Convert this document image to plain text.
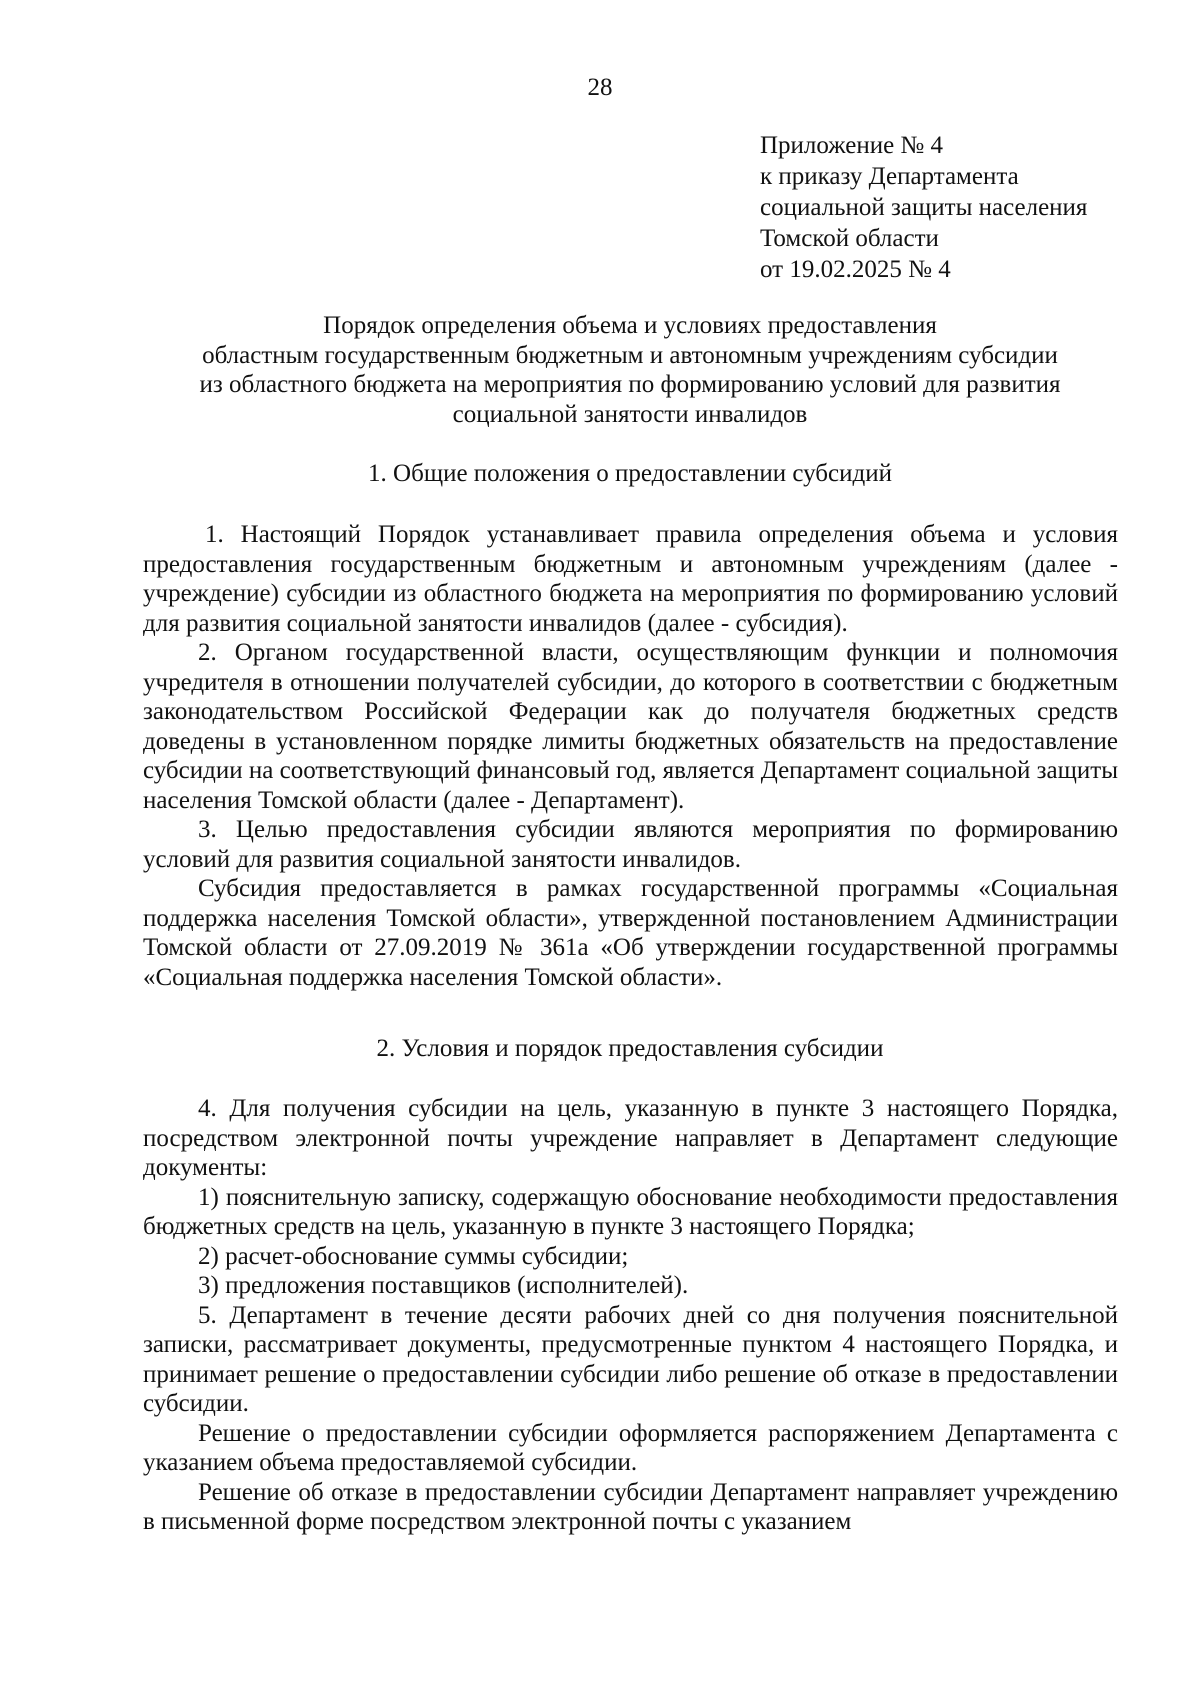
28
Приложение № 4
к приказу Департамента
социальной защиты населения
Томской области
от 19.02.2025 № 4
Порядок определения объема и условиях предоставления
областным государственным бюджетным и автономным учреждениям субсидии
из областного бюджета на мероприятия по формированию условий для развития
социальной занятости инвалидов
1. Общие положения о предоставлении субсидий

1. Настоящий Порядок устанавливает правила определения объема и условия предоставления государственным бюджетным и автономным учреждениям (далее - учреждение) субсидии из областного бюджета на мероприятия по формированию условий для развития социальной занятости инвалидов (далее - субсидия).

2. Органом государственной власти, осуществляющим функции и полномочия учредителя в отношении получателей субсидии, до которого в соответствии с бюджетным законодательством Российской Федерации как до получателя бюджетных средств доведены в установленном порядке лимиты бюджетных обязательств на предоставление субсидии на соответствующий финансовый год, является Департамент социальной защиты населения Томской области (далее - Департамент).

3. Целью предоставления субсидии являются мероприятия по формированию условий для развития социальной занятости инвалидов.

Субсидия предоставляется в рамках государственной программы «Социальная поддержка населения Томской области», утвержденной постановлением Администрации Томской области от 27.09.2019 № 361а «Об утверждении государственной программы «Социальная поддержка населения Томской области».

2. Условия и порядок предоставления субсидии

4. Для получения субсидии на цель, указанную в пункте 3 настоящего Порядка, посредством электронной почты учреждение направляет в Департамент следующие документы:

1) пояснительную записку, содержащую обоснование необходимости предоставления бюджетных средств на цель, указанную в пункте 3 настоящего Порядка;

2) расчет-обоснование суммы субсидии;

3) предложения поставщиков (исполнителей).

5. Департамент в течение десяти рабочих дней со дня получения пояснительной записки, рассматривает документы, предусмотренные пунктом 4 настоящего Порядка, и принимает решение о предоставлении субсидии либо решение об отказе в предоставлении субсидии.

Решение о предоставлении субсидии оформляется распоряжением Департамента с указанием объема предоставляемой субсидии.

Решение об отказе в предоставлении субсидии Департамент направляет учреждению в письменной форме посредством электронной почты с указанием
